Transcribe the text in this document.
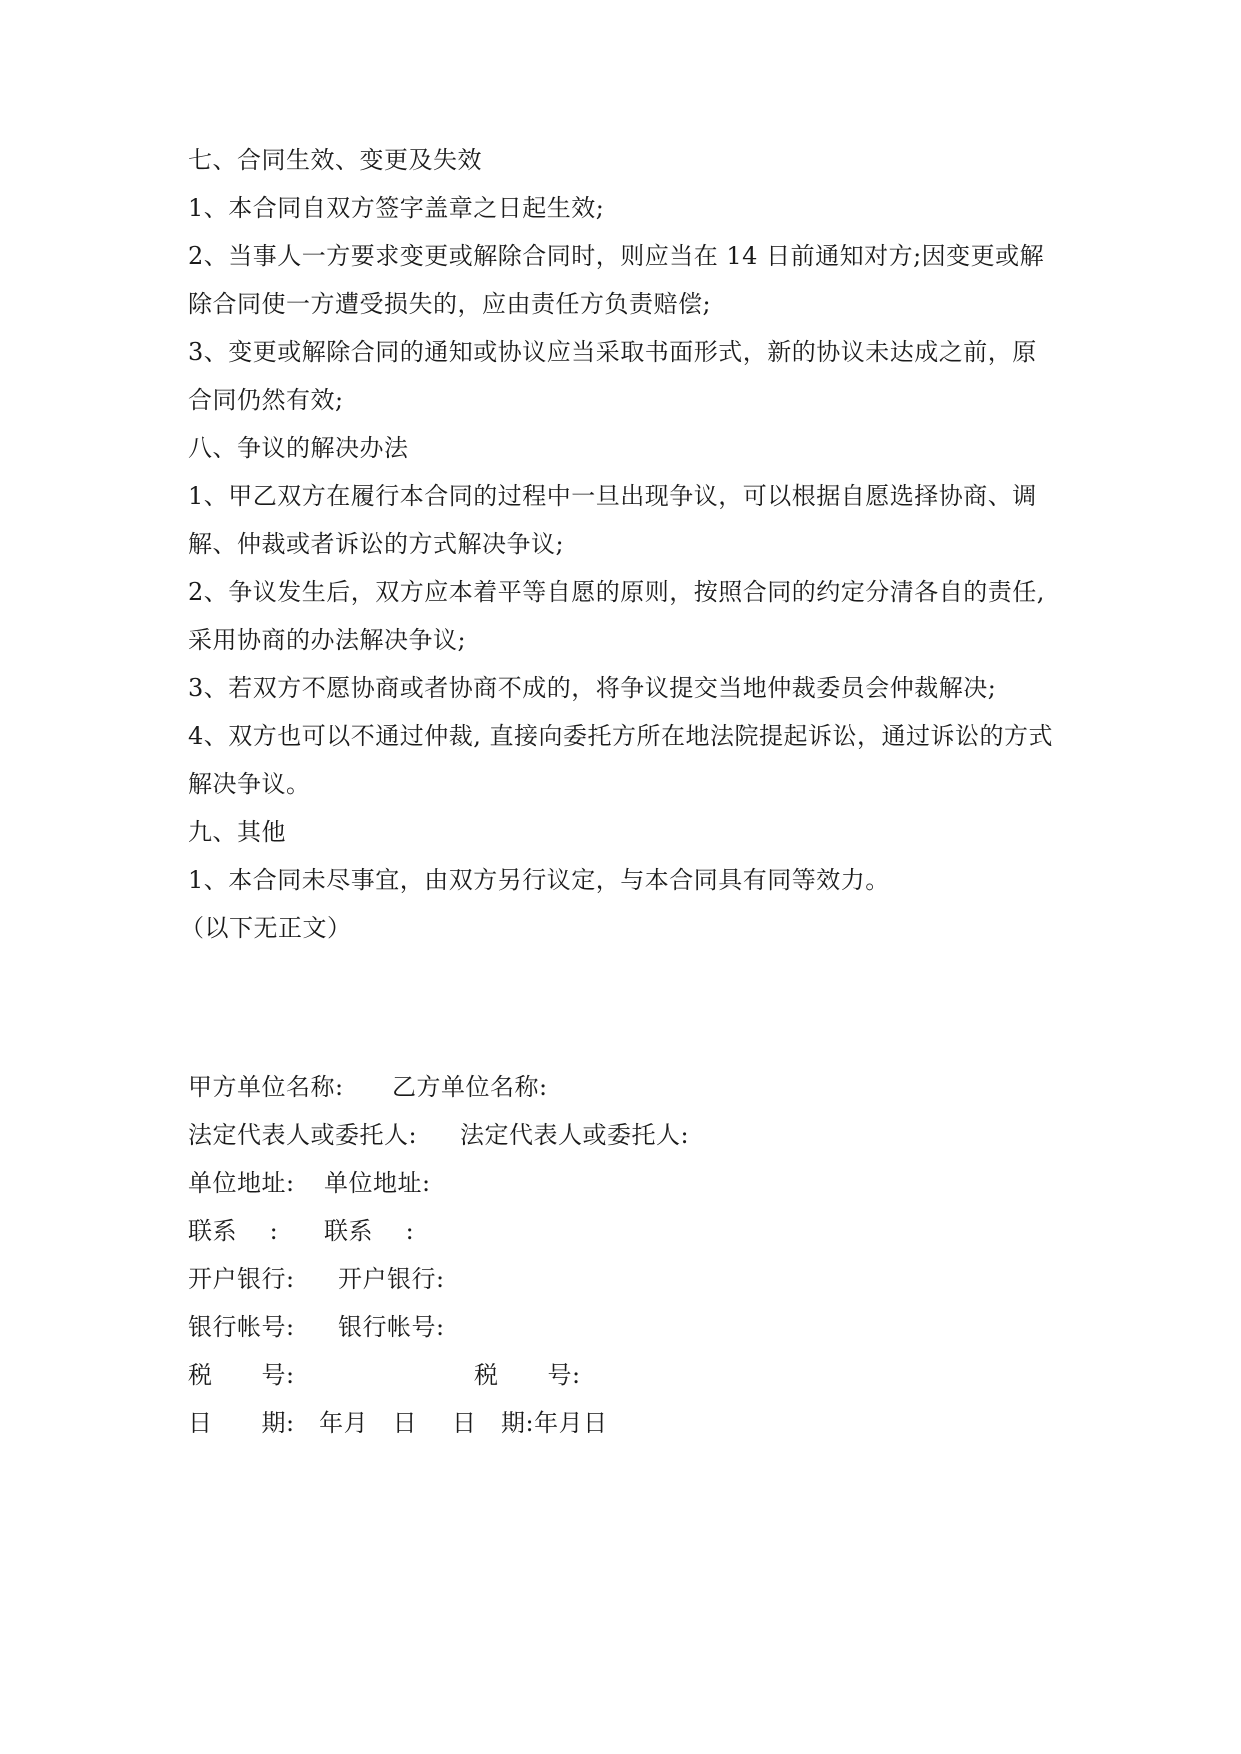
七、合同生效、变更及失效
1、本合同自双方签字盖章之日起生效;
2、当事人一方要求变更或解除合同时，则应当在 14 日前通知对方;因变更或解
除合同使一方遭受损失的，应由责任方负责赔偿;
3、变更或解除合同的通知或协议应当采取书面形式，新的协议未达成之前，原
合同仍然有效;
八、争议的解决办法
1、甲乙双方在履行本合同的过程中一旦出现争议，可以根据自愿选择协商、调
解、仲裁或者诉讼的方式解决争议;
2、争议发生后，双方应本着平等自愿的原则，按照合同的约定分清各自的责任,
采用协商的办法解决争议;
3、若双方不愿协商或者协商不成的，将争议提交当地仲裁委员会仲裁解决;
4、双方也可以不通过仲裁, 直接向委托方所在地法院提起诉讼，通过诉讼的方式
解决争议。
九、其他
1、本合同未尽事宜，由双方另行议定，与本合同具有同等效力。
（以下无正文）
甲方单位名称: 乙方单位名称:
法定代表人或委托人: 法定代表人或委托人:
单位地址: 单位地址:
联系　 : 联系　 :
开户银行: 开户银行:
银行帐号: 银行帐号:
税　　号:	税　　号:
日　　期:　年月　日 日　期:年月日
